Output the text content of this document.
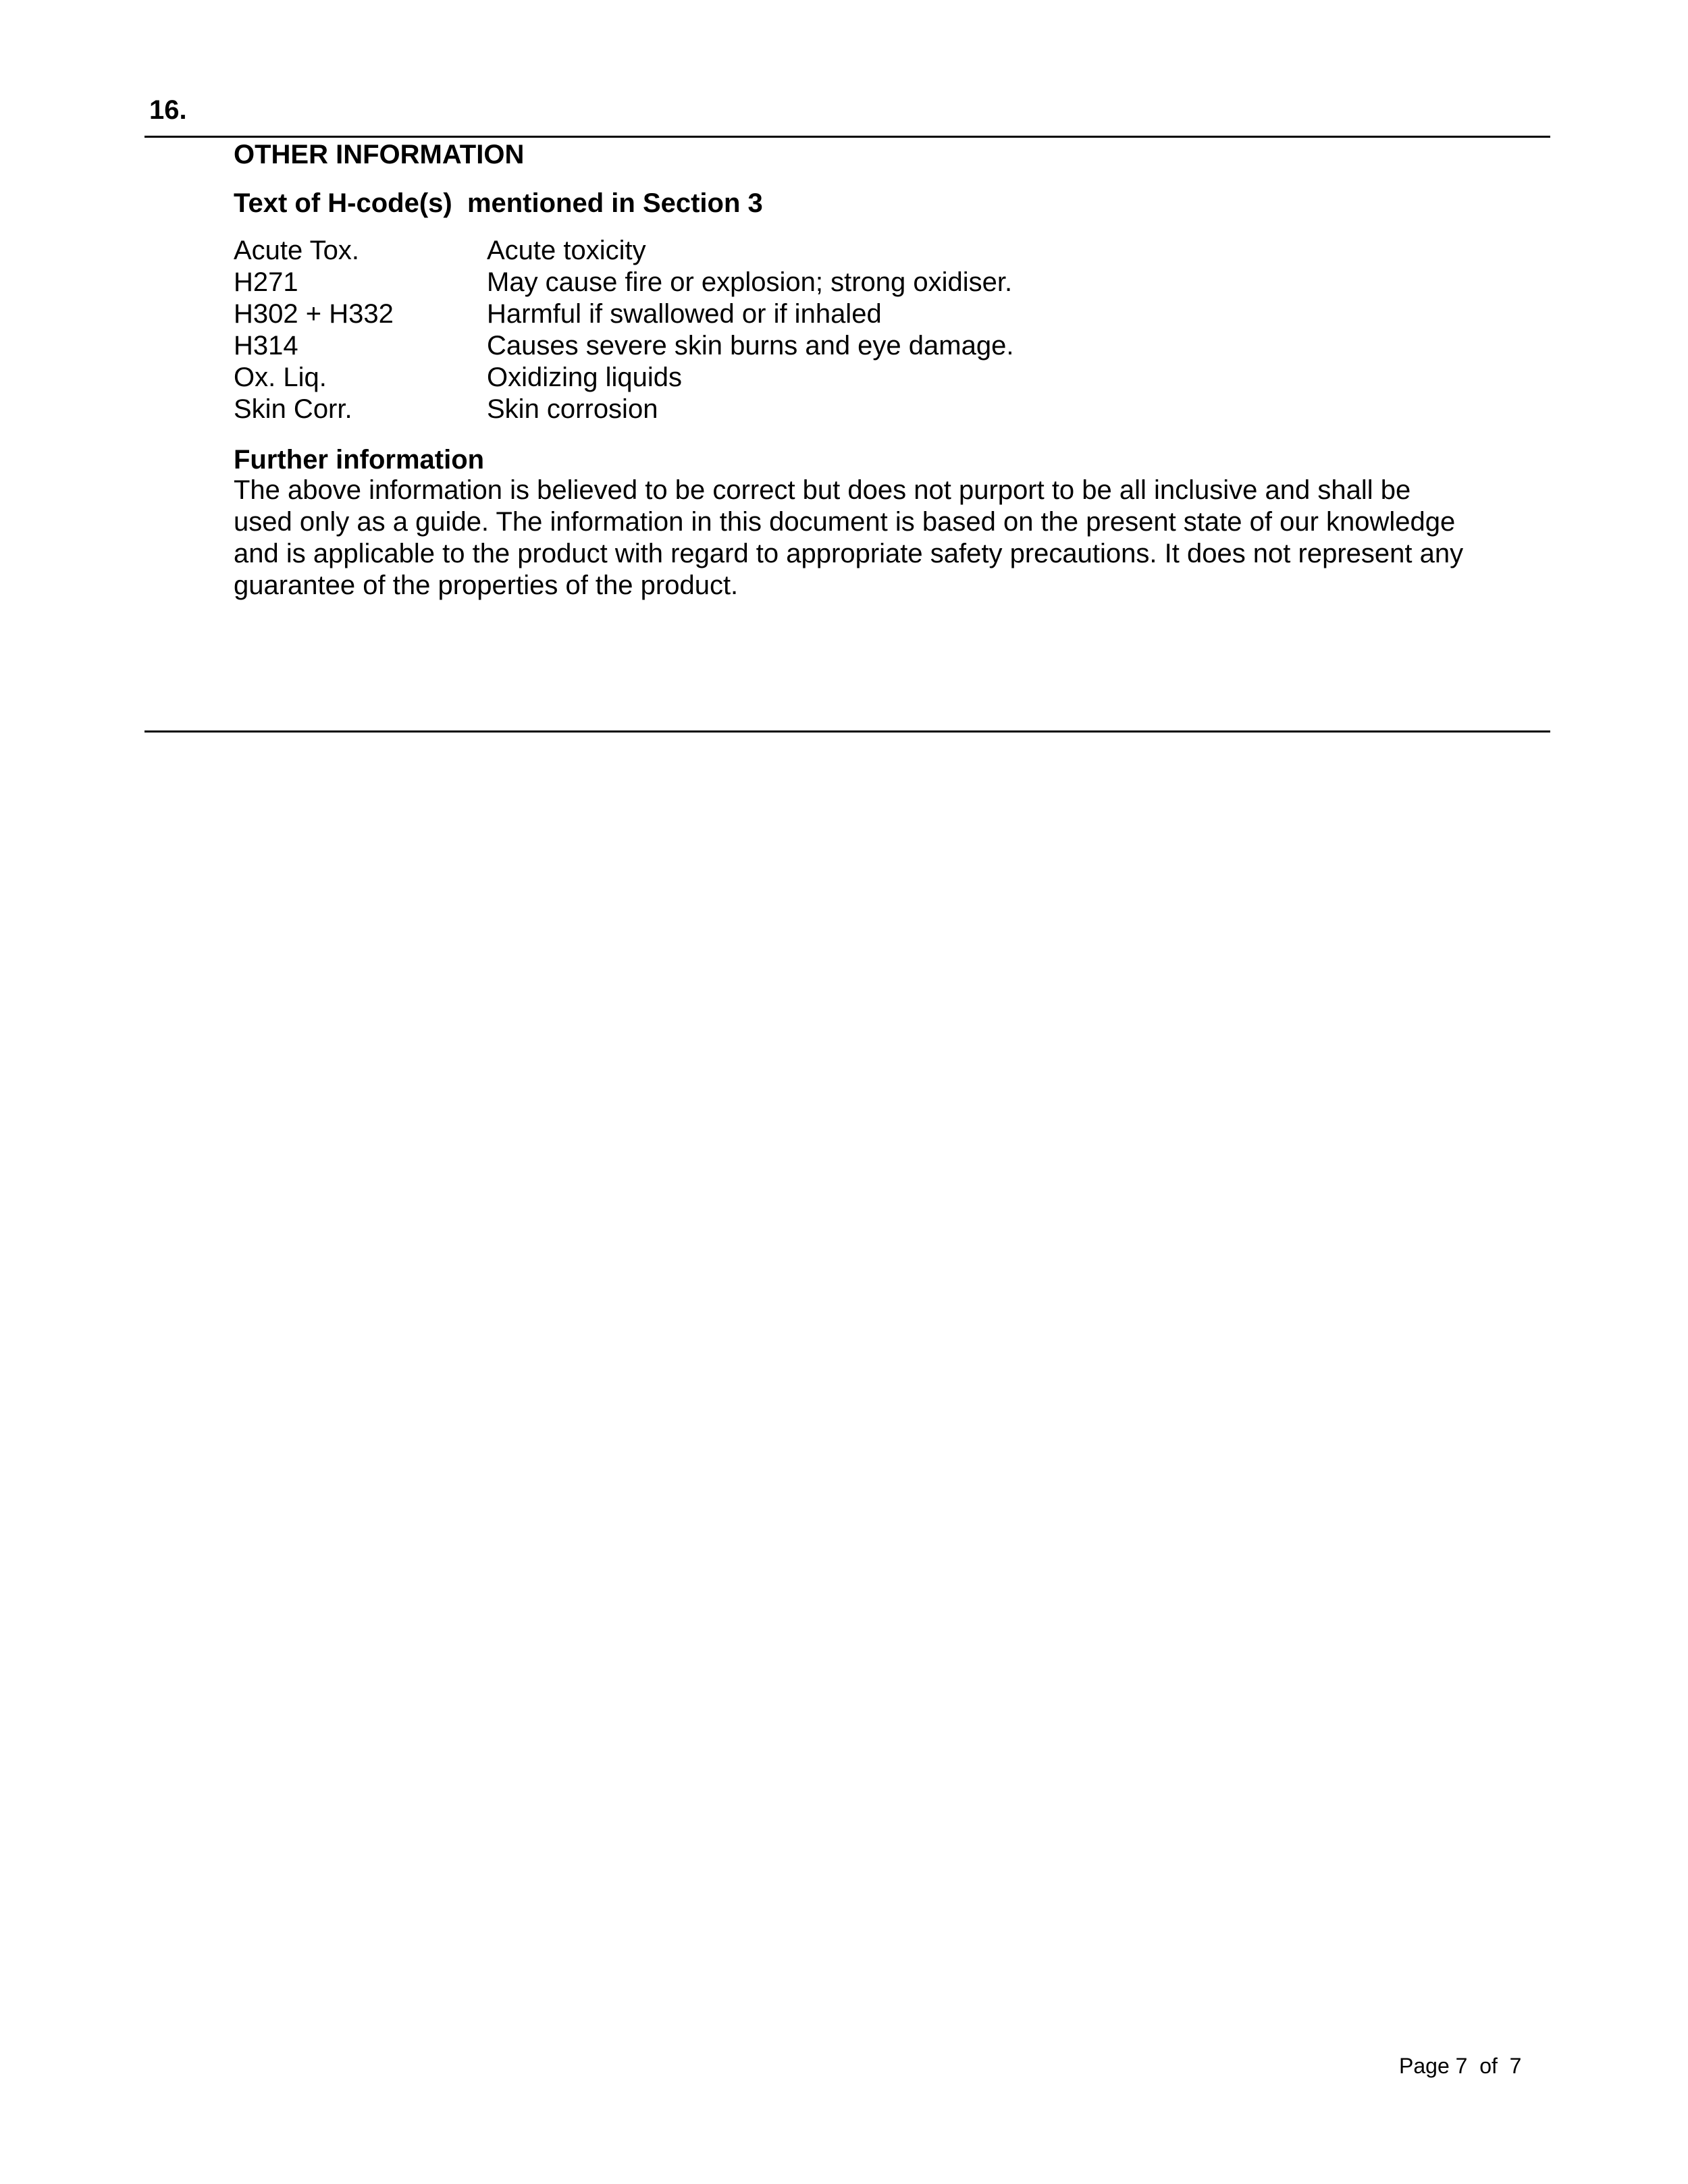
16.
OTHER INFORMATION
Text of H-code(s)  mentioned in Section 3
Acute Tox.	Acute toxicity
H271	May cause fire or explosion; strong oxidiser.
H302 + H332	Harmful if swallowed or if inhaled
H314	Causes severe skin burns and eye damage.
Ox. Liq.	Oxidizing liquids
Skin Corr.	Skin corrosion
Further information
The above information is believed to be correct but does not purport to be all inclusive and shall be
used only as a guide. The information in this document is based on the present state of our knowledge
and is applicable to the product with regard to appropriate safety precautions. It does not represent any
guarantee of the properties of the product.
Page 7  of  7
